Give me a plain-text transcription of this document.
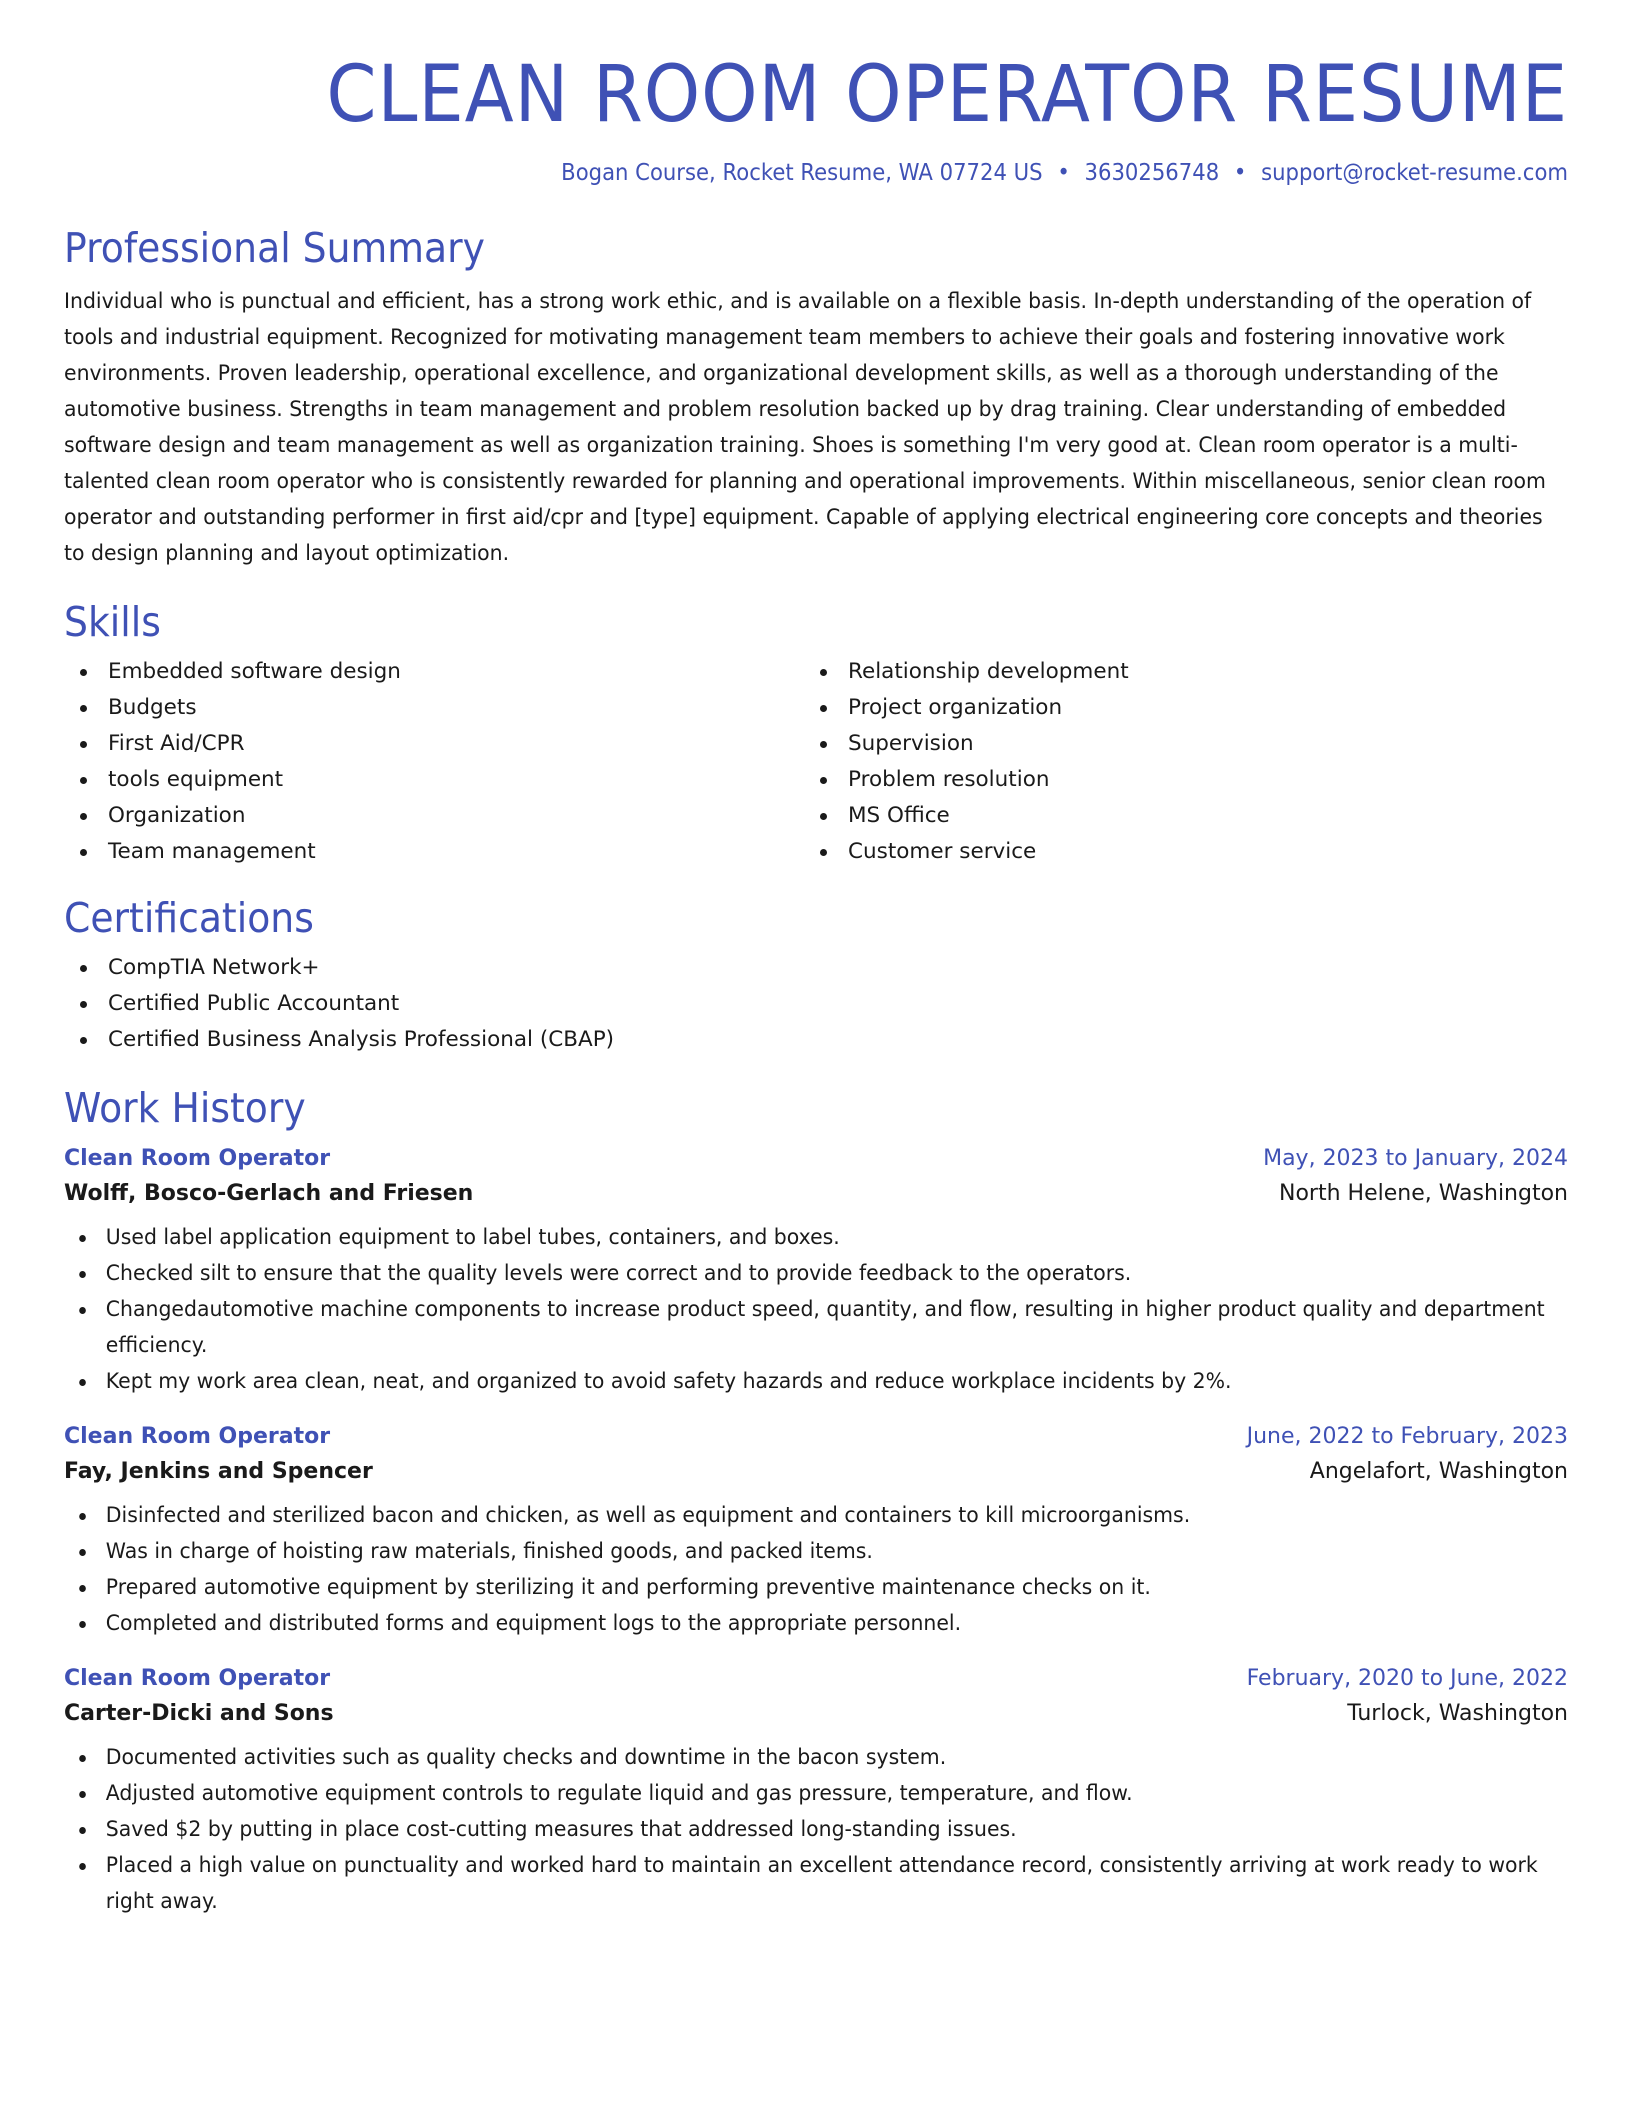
CLEAN ROOM OPERATOR RESUME
Bogan Course, Rocket Resume, WA 07724 US • 3630256748 • support@rocket-resume.com
Professional Summary
Individual who is punctual and efficient, has a strong work ethic, and is available on a flexible basis. In-depth understanding of the operation of tools and industrial equipment. Recognized for motivating management team members to achieve their goals and fostering innovative work environments. Proven leadership, operational excellence, and organizational development skills, as well as a thorough understanding of the automotive business. Strengths in team management and problem resolution backed up by drag training. Clear understanding of embedded software design and team management as well as organization training. Shoes is something I'm very good at. Clean room operator is a multi-talented clean room operator who is consistently rewarded for planning and operational improvements. Within miscellaneous, senior clean room operator and outstanding performer in first aid/cpr and [type] equipment. Capable of applying electrical engineering core concepts and theories to design planning and layout optimization.
Skills
Embedded software design
Budgets
First Aid/CPR
tools equipment
Organization
Team management
Relationship development
Project organization
Supervision
Problem resolution
MS Office
Customer service
Certifications
CompTIA Network+
Certified Public Accountant
Certified Business Analysis Professional (CBAP)
Work History
Clean Room Operator	May, 2023 to January, 2024
Wolff, Bosco-Gerlach and Friesen	North Helene, Washington
Used label application equipment to label tubes, containers, and boxes.
Checked silt to ensure that the quality levels were correct and to provide feedback to the operators.
Changedautomotive machine components to increase product speed, quantity, and flow, resulting in higher product quality and department efficiency.
Kept my work area clean, neat, and organized to avoid safety hazards and reduce workplace incidents by 2%.
Clean Room Operator	June, 2022 to February, 2023
Fay, Jenkins and Spencer	Angelafort, Washington
Disinfected and sterilized bacon and chicken, as well as equipment and containers to kill microorganisms.
Was in charge of hoisting raw materials, finished goods, and packed items.
Prepared automotive equipment by sterilizing it and performing preventive maintenance checks on it.
Completed and distributed forms and equipment logs to the appropriate personnel.
Clean Room Operator	February, 2020 to June, 2022
Carter-Dicki and Sons	Turlock, Washington
Documented activities such as quality checks and downtime in the bacon system.
Adjusted automotive equipment controls to regulate liquid and gas pressure, temperature, and flow.
Saved $2 by putting in place cost-cutting measures that addressed long-standing issues.
Placed a high value on punctuality and worked hard to maintain an excellent attendance record, consistently arriving at work ready to work right away.
